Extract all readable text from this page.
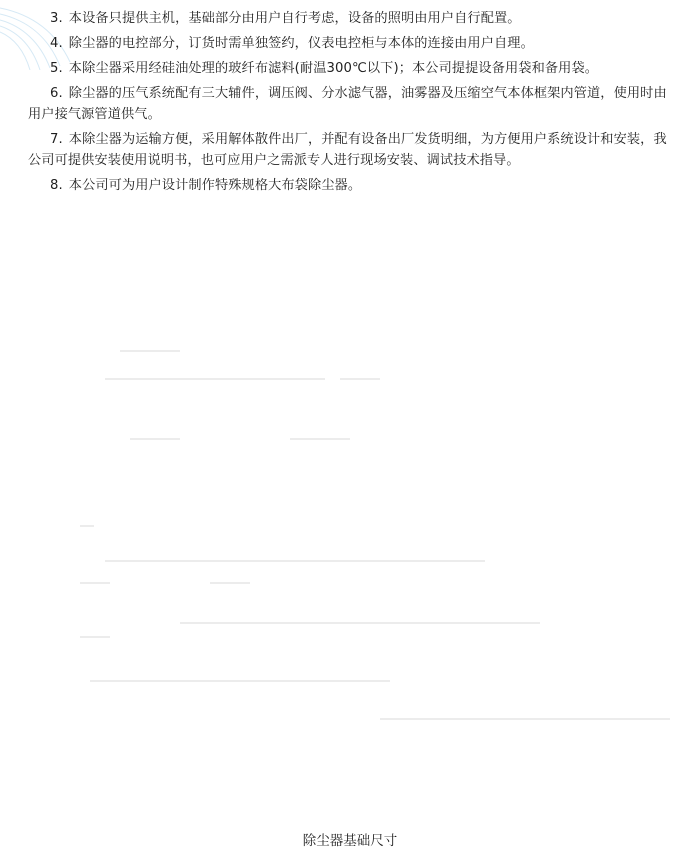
3. 本设备只提供主机，基础部分由用户自行考虑，设备的照明由用户自行配置。

4. 除尘器的电控部分，订货时需单独签约，仪表电控柜与本体的连接由用户自理。

5. 本除尘器采用经硅油处理的玻纤布滤料(耐温300℃以下)；本公司提提设备用袋和备用袋。

6. 除尘器的压气系统配有三大辅件，调压阀、分水滤气器，油雾器及压缩空气本体框架内管道，使用时由用户接气源管道供气。

7. 本除尘器为运输方便，采用解体散件出厂，并配有设备出厂发货明细，为方便用户系统设计和安装，我公司可提供安装使用说明书，也可应用户之需派专人进行现场安装、调试技术指导。

8. 本公司可为用户设计制作特殊规格大布袋除尘器。

除尘器基础尺寸
